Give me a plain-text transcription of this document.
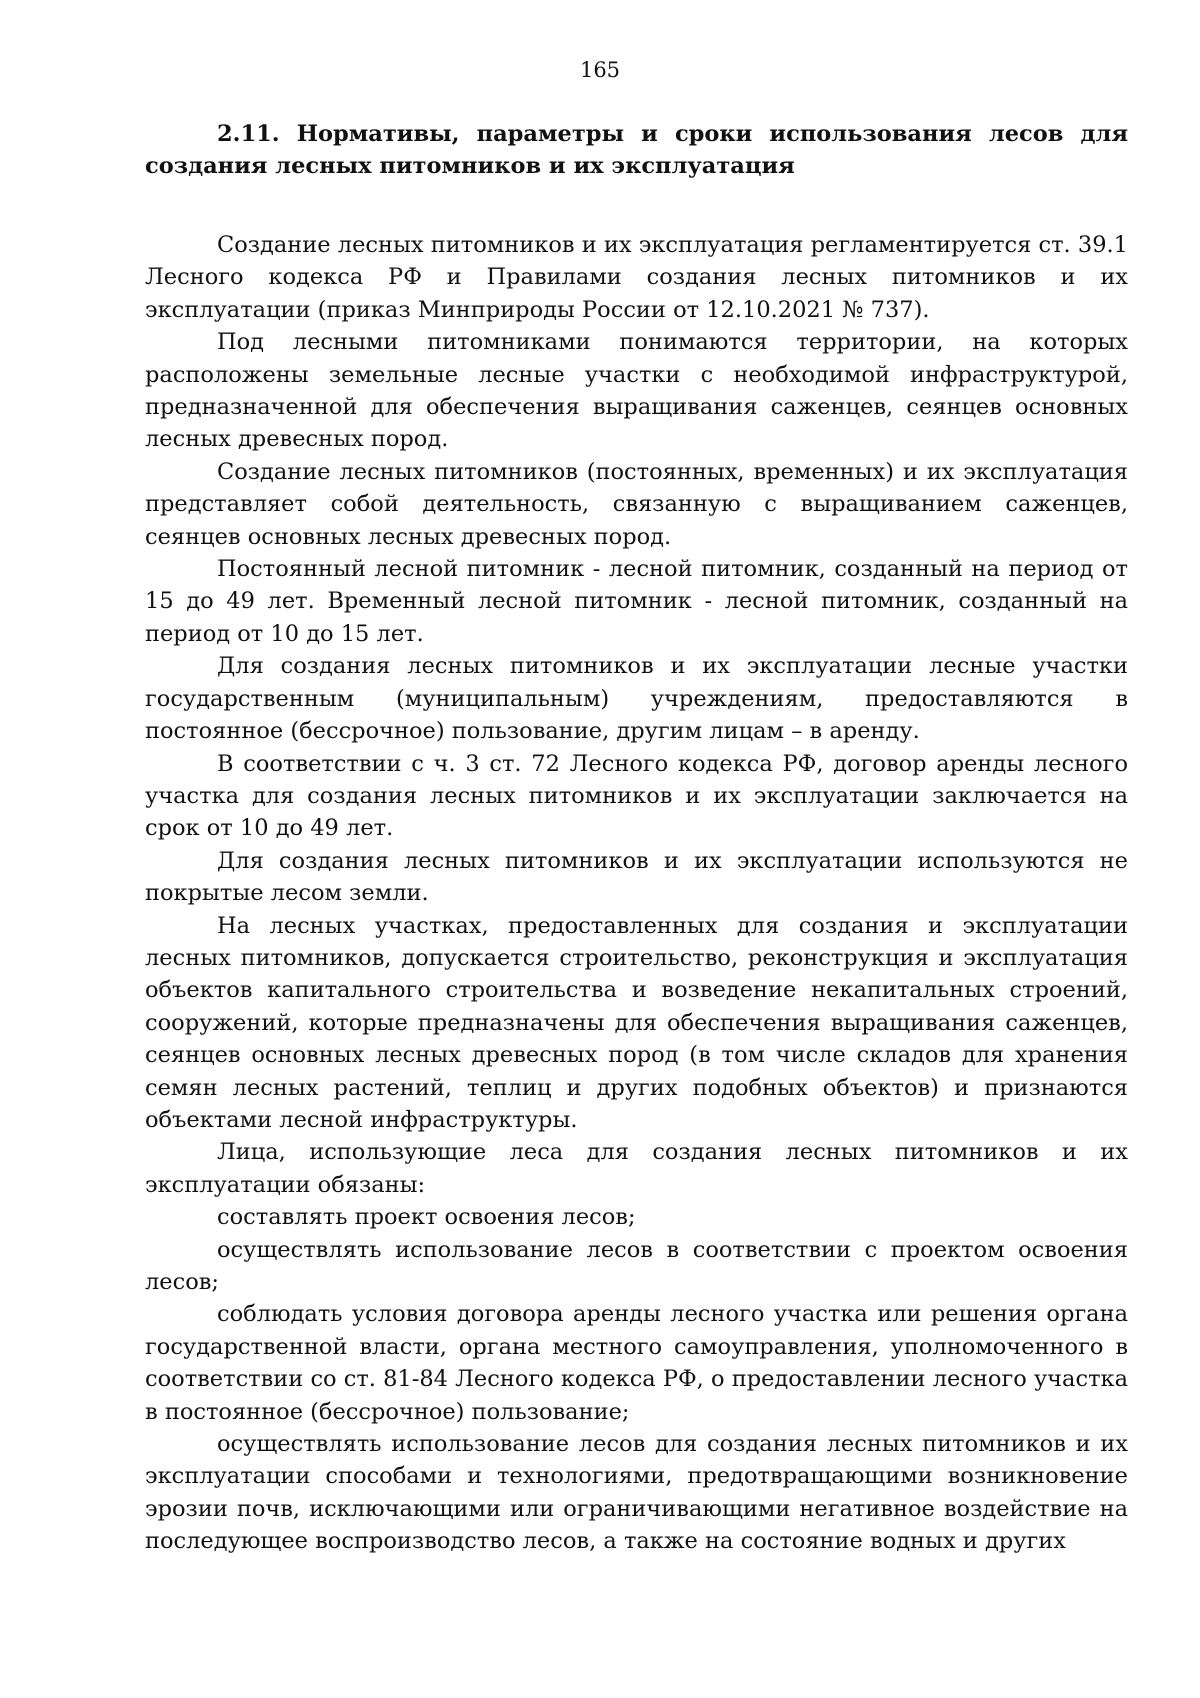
165
2.11. Нормативы, параметры и сроки использования лесов для создания лесных питомников и их эксплуатация

Создание лесных питомников и их эксплуатация регламентируется ст. 39.1 Лесного кодекса РФ и Правилами создания лесных питомников и их эксплуатации (приказ Минприроды России от 12.10.2021 № 737).

Под лесными питомниками понимаются территории, на которых расположены земельные лесные участки с необходимой инфраструктурой, предназначенной для обеспечения выращивания саженцев, сеянцев основных лесных древесных пород.

Создание лесных питомников (постоянных, временных) и их эксплуатация представляет собой деятельность, связанную с выращиванием саженцев, сеянцев основных лесных древесных пород.

Постоянный лесной питомник - лесной питомник, созданный на период от 15 до 49 лет. Временный лесной питомник - лесной питомник, созданный на период от 10 до 15 лет.

Для создания лесных питомников и их эксплуатации лесные участки государственным (муниципальным) учреждениям, предоставляются в постоянное (бессрочное) пользование, другим лицам – в аренду.

В соответствии с ч. 3 ст. 72 Лесного кодекса РФ, договор аренды лесного участка для создания лесных питомников и их эксплуатации заключается на срок от 10 до 49 лет.

Для создания лесных питомников и их эксплуатации используются не покрытые лесом земли.

На лесных участках, предоставленных для создания и эксплуатации лесных питомников, допускается строительство, реконструкция и эксплуатация объектов капитального строительства и возведение некапитальных строений, сооружений, которые предназначены для обеспечения выращивания саженцев, сеянцев основных лесных древесных пород (в том числе складов для хранения семян лесных растений, теплиц и других подобных объектов) и признаются объектами лесной инфраструктуры.

Лица, использующие леса для создания лесных питомников и их эксплуатации обязаны:

составлять проект освоения лесов;

осуществлять использование лесов в соответствии с проектом освоения лесов;

соблюдать условия договора аренды лесного участка или решения органа государственной власти, органа местного самоуправления, уполномоченного в соответствии со ст. 81-84 Лесного кодекса РФ, о предоставлении лесного участка в постоянное (бессрочное) пользование;

осуществлять использование лесов для создания лесных питомников и их эксплуатации способами и технологиями, предотвращающими возникновение эрозии почв, исключающими или ограничивающими негативное воздействие на последующее воспроизводство лесов, а также на состояние водных и других
